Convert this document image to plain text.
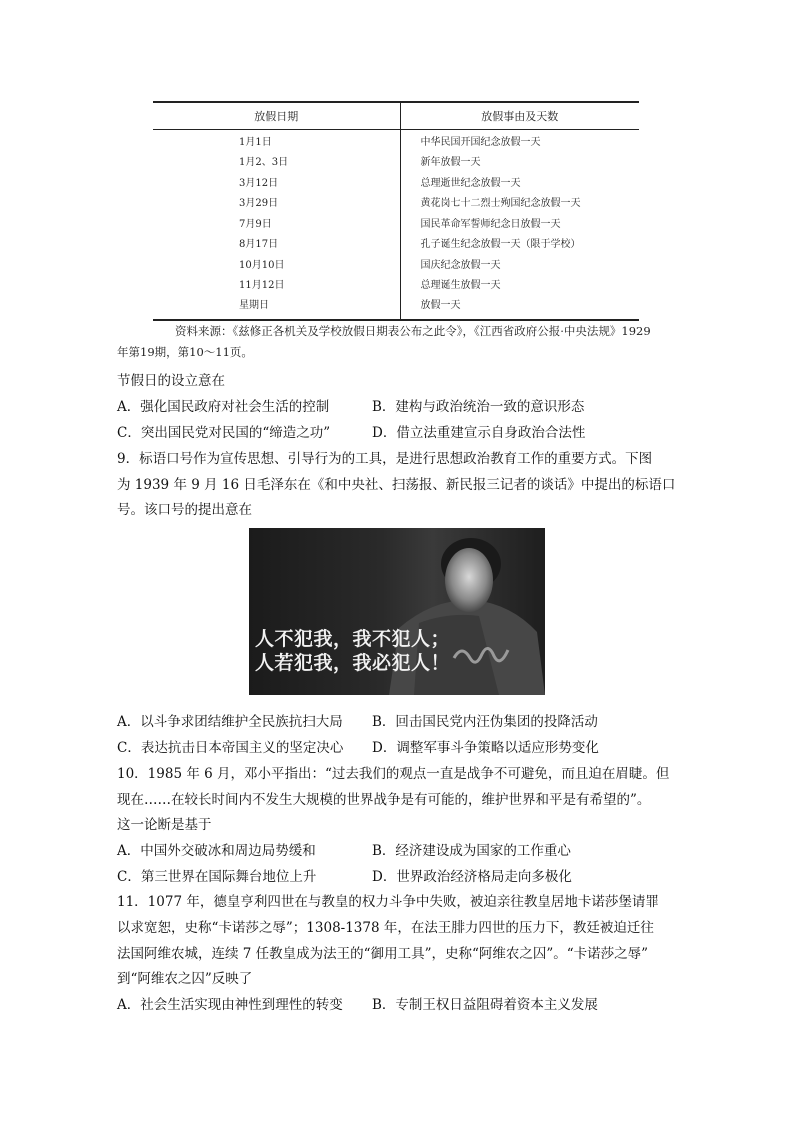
放假日期	放假事由及天数
1月1日	中华民国开国纪念放假一天
1月2、3日	新年放假一天
3月12日	总理逝世纪念放假一天
3月29日	黄花岗七十二烈士殉国纪念放假一天
7月9日	国民革命军誓师纪念日放假一天
8月17日	孔子诞生纪念放假一天（限于学校）
10月10日	国庆纪念放假一天
11月12日	总理诞生放假一天
星期日	放假一天
资料来源：《兹修正各机关及学校放假日期表公布之此令》，《江西省政府公报·中央法规》1929年第19期，第10～11页。
节假日的设立意在
A．强化国民政府对社会生活的控制	B．建构与政治统治一致的意识形态
C．突出国民党对民国的“缔造之功”	D．借立法重建宣示自身政治合法性
9．标语口号作为宣传思想、引导行为的工具，是进行思想政治教育工作的重要方式。下图
为 1939 年 9 月 16 日毛泽东在《和中央社、扫荡报、新民报三记者的谈话》中提出的标语口
号。该口号的提出意在
人不犯我，我不犯人；
人若犯我，我必犯人！
A．以斗争求团结维护全民族抗扫大局 B．回击国民党内汪伪集团的投降活动
C．表达抗击日本帝国主义的坚定决心 D．调整军事斗争策略以适应形势变化
10．1985 年 6 月，邓小平指出：“过去我们的观点一直是战争不可避免，而且迫在眉睫。但
现在……在较长时间内不发生大规模的世界战争是有可能的，维护世界和平是有希望的”。
这一论断是基于
A．中国外交破冰和周边局势缓和	B．经济建设成为国家的工作重心
C．第三世界在国际舞台地位上升	D．世界政治经济格局走向多极化
11．1077 年，德皇亨利四世在与教皇的权力斗争中失败，被迫亲往教皇居地卡诺莎堡请罪
以求宽恕，史称“卡诺莎之辱”；1308-1378 年，在法王腓力四世的压力下，教廷被迫迁往
法国阿维农城，连续 7 任教皇成为法王的“御用工具”，史称“阿维农之囚”。“卡诺莎之辱”
到“阿维农之囚”反映了
A．社会生活实现由神性到理性的转变 B．专制王权日益阻碍着资本主义发展
